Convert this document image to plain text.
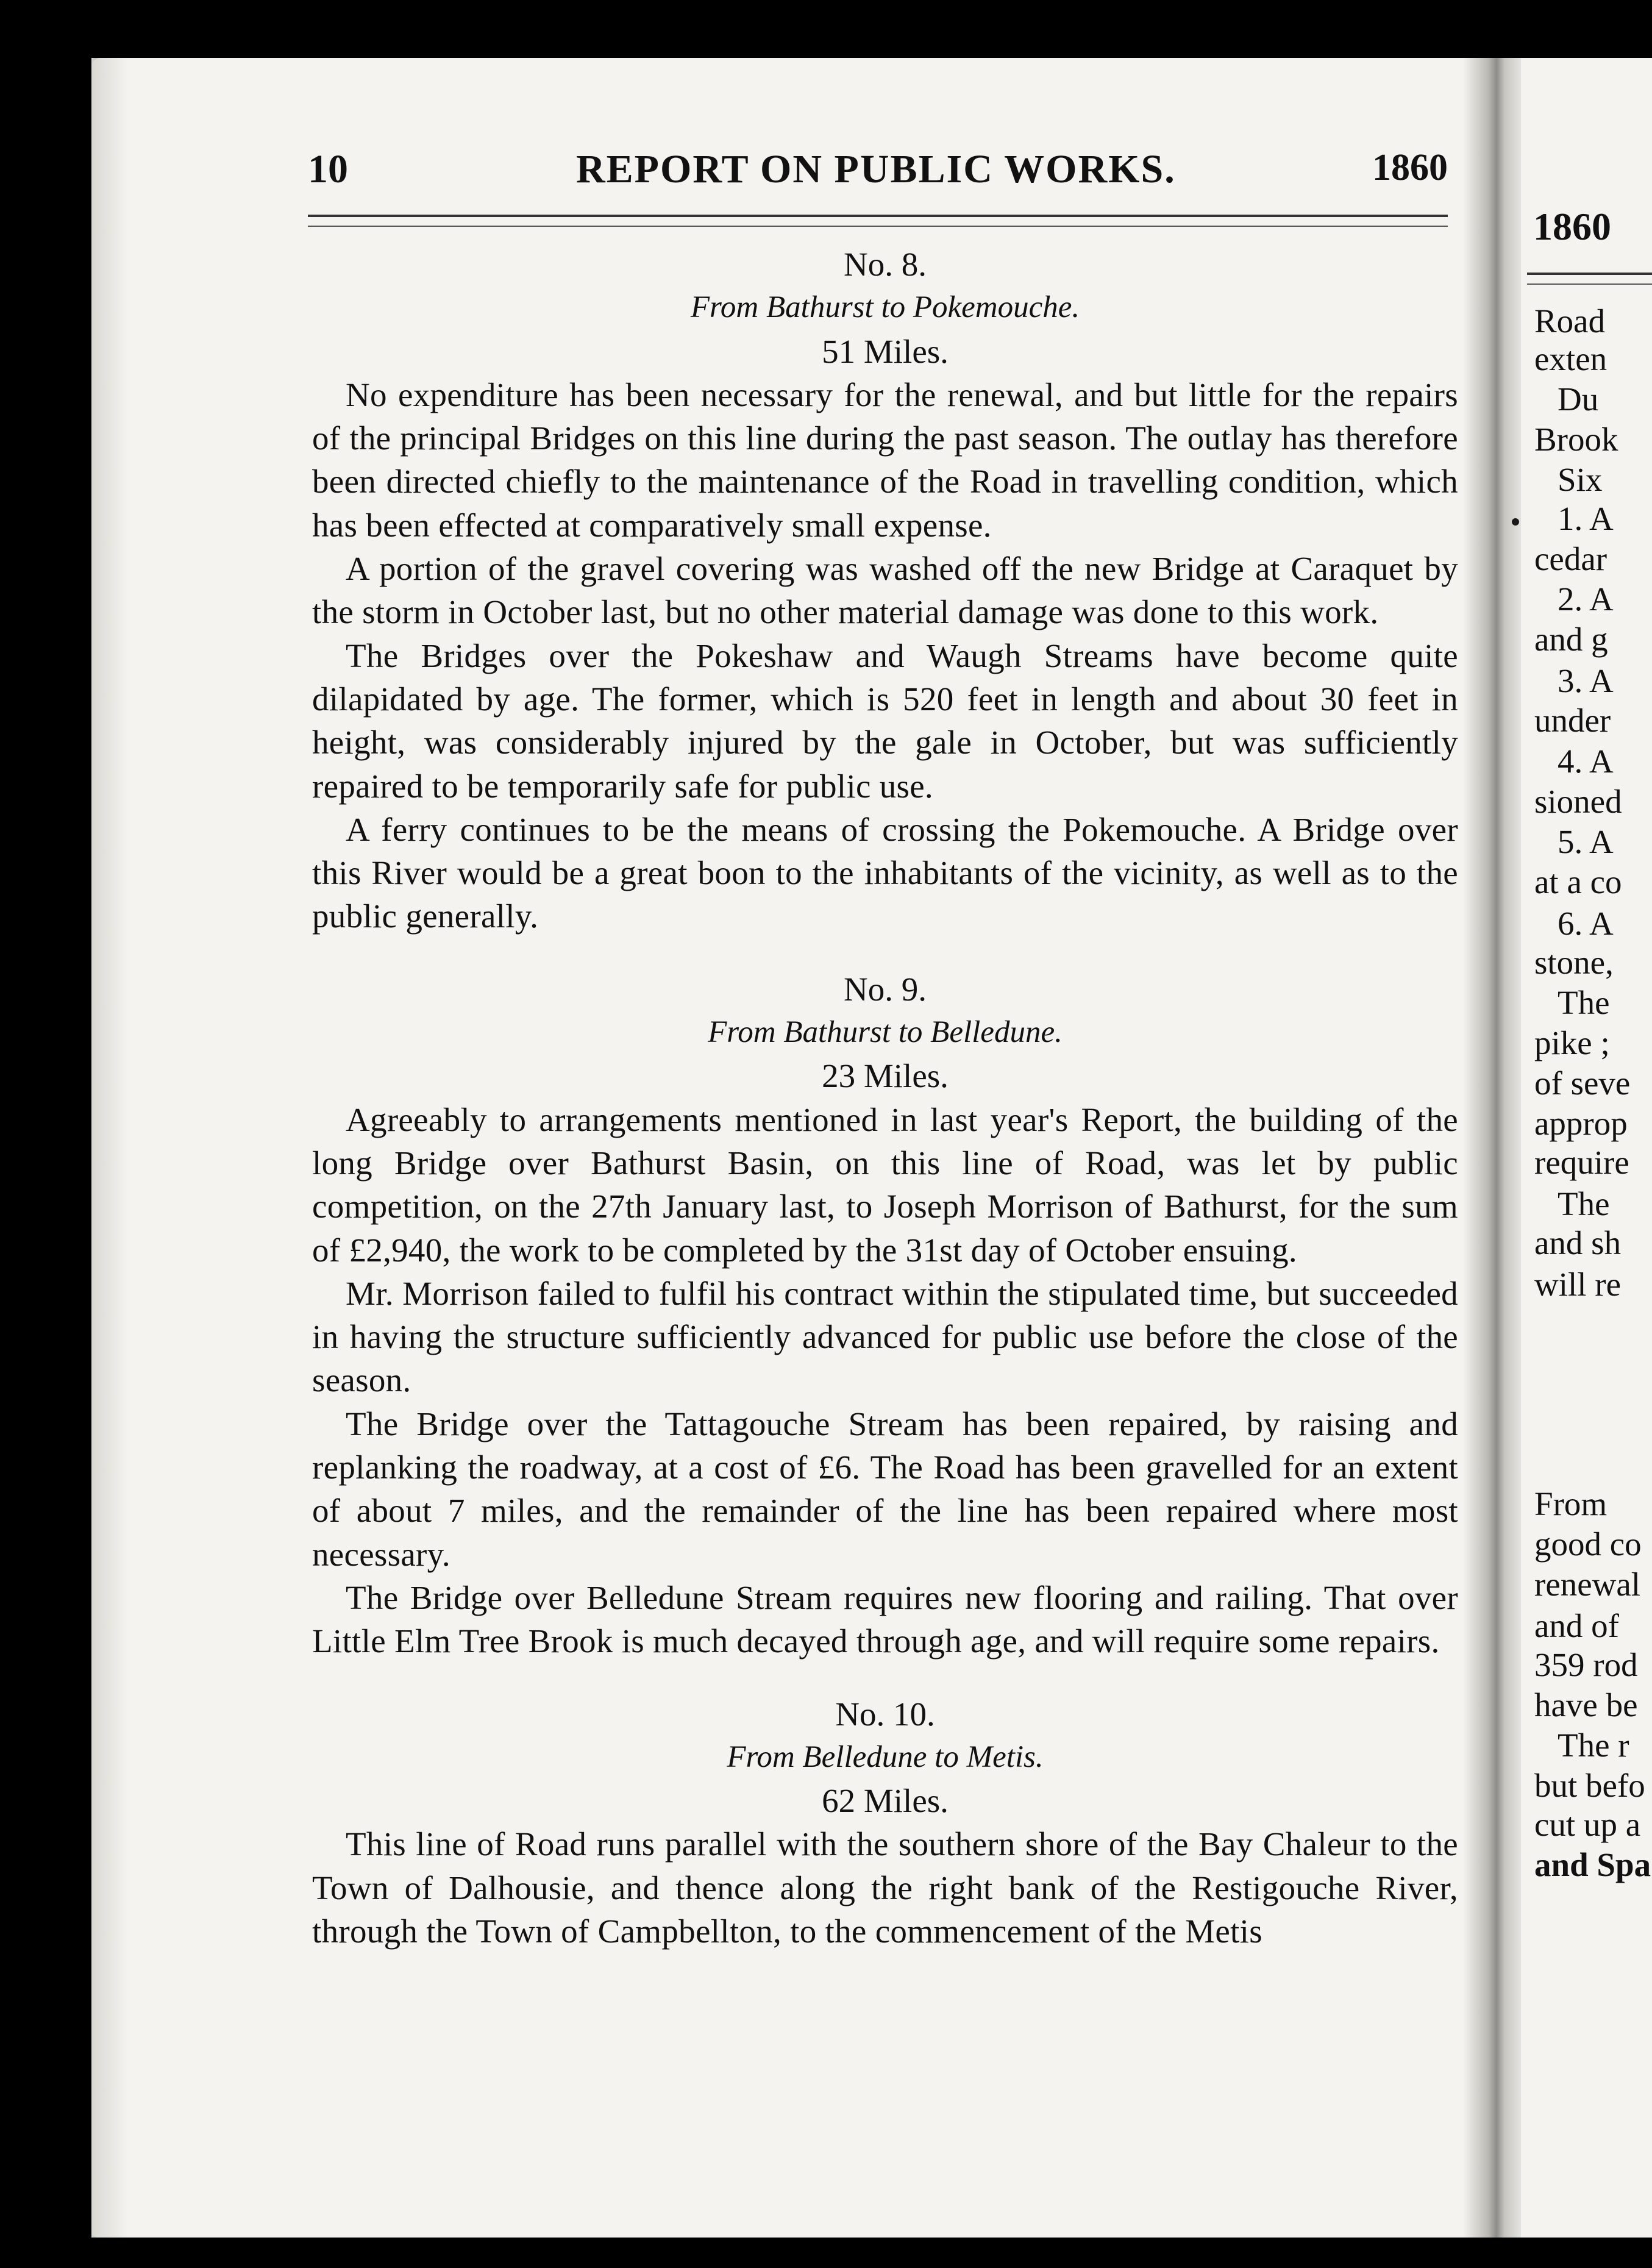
1860
Road
exten
Du
Brook
Six
1. A
cedar
2. A
and g
3. A
under
4. A
sioned
5. A
at a co
6. A
stone,
The
pike ;
of seve
approp
require
The
and sh
will re
From
good co
renewal
and of
359 rod
have be
The r
but befo
cut up a
and Spa
10	REPORT ON PUBLIC WORKS.	1860

No. 8.

From Bathurst to Pokemouche.

51 Miles.

No expenditure has been necessary for the renewal, and but little for the repairs of the principal Bridges on this line during the past season. The outlay has therefore been directed chiefly to the maintenance of the Road in travelling condition, which has been effected at comparatively small expense.

A portion of the gravel covering was washed off the new Bridge at Caraquet by the storm in October last, but no other material damage was done to this work.

The Bridges over the Pokeshaw and Waugh Streams have become quite dilapidated by age. The former, which is 520 feet in length and about 30 feet in height, was considerably injured by the gale in October, but was sufficiently repaired to be temporarily safe for public use.

A ferry continues to be the means of crossing the Pokemouche. A Bridge over this River would be a great boon to the inhabitants of the vicinity, as well as to the public generally.

No. 9.

From Bathurst to Belledune.

23 Miles.

Agreeably to arrangements mentioned in last year's Report, the building of the long Bridge over Bathurst Basin, on this line of Road, was let by public competition, on the 27th January last, to Joseph Morrison of Bathurst, for the sum of £2,940, the work to be completed by the 31st day of October ensuing.

Mr. Morrison failed to fulfil his contract within the stipulated time, but succeeded in having the structure sufficiently advanced for public use before the close of the season.

The Bridge over the Tattagouche Stream has been repaired, by raising and replanking the roadway, at a cost of £6. The Road has been gravelled for an extent of about 7 miles, and the remainder of the line has been repaired where most necessary.

The Bridge over Belledune Stream requires new flooring and railing. That over Little Elm Tree Brook is much decayed through age, and will require some repairs.

No. 10.

From Belledune to Metis.

62 Miles.

This line of Road runs parallel with the southern shore of the Bay Chaleur to the Town of Dalhousie, and thence along the right bank of the Restigouche River, through the Town of Campbellton, to the commencement of the Metis
